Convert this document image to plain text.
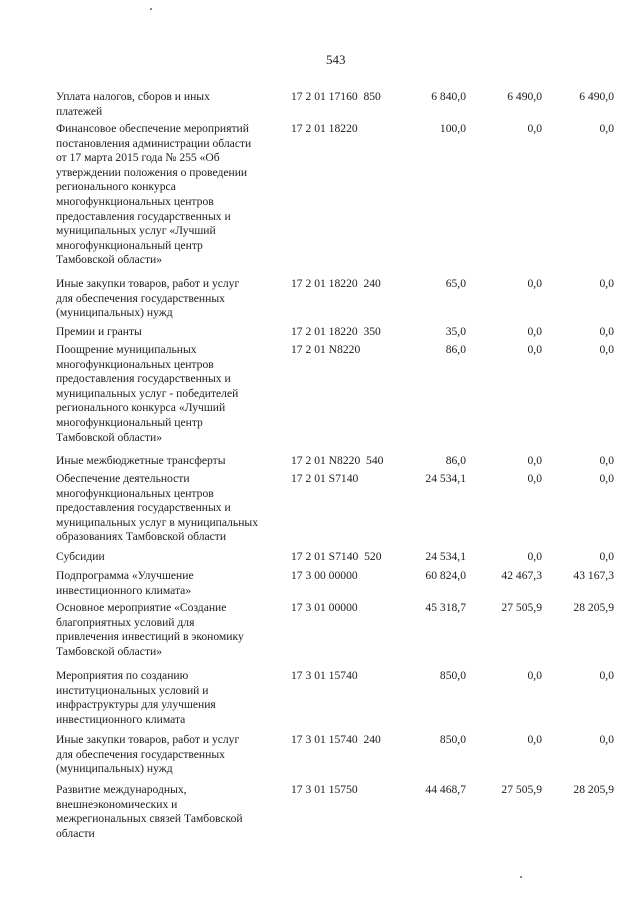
543
Уплата налогов, сборов и иных
платежей
17 2 01 17160  850	6 840,0	6 490,0	6 490,0
Финансовое обеспечение мероприятий
постановления администрации области
от 17 марта 2015 года № 255 «Об
утверждении положения о проведении
регионального конкурса
многофункциональных центров
предоставления государственных и
муниципальных услуг «Лучший
многофункциональный центр
Тамбовской области»
17 2 01 18220	100,0	0,0	0,0
Иные закупки товаров, работ и услуг
для обеспечения государственных
(муниципальных) нужд
17 2 01 18220  240	65,0	0,0	0,0
Премии и гранты	17 2 01 18220  350	35,0	0,0	0,0
Поощрение муниципальных
многофункциональных центров
предоставления государственных и
муниципальных услуг - победителей
регионального конкурса «Лучший
многофункциональный центр
Тамбовской области»
17 2 01 N8220	86,0	0,0	0,0
Иные межбюджетные трансферты	17 2 01 N8220  540	86,0	0,0	0,0
Обеспечение деятельности
многофункциональных центров
предоставления государственных и
муниципальных услуг в муниципальных
образованиях Тамбовской области
17 2 01 S7140	24 534,1	0,0	0,0
Субсидии	17 2 01 S7140  520	24 534,1	0,0	0,0
Подпрограмма «Улучшение
инвестиционного климата»
17 3 00 00000	60 824,0	42 467,3	43 167,3
Основное мероприятие «Создание
благоприятных условий для
привлечения инвестиций в экономику
Тамбовской области»
17 3 01 00000	45 318,7	27 505,9	28 205,9
Мероприятия по созданию
институциональных условий и
инфраструктуры для улучшения
инвестиционного климата
17 3 01 15740	850,0	0,0	0,0
Иные закупки товаров, работ и услуг
для обеспечения государственных
(муниципальных) нужд
17 3 01 15740  240	850,0	0,0	0,0
Развитие международных,
внешнеэкономических и
межрегиональных связей Тамбовской
области
17 3 01 15750	44 468,7	27 505,9	28 205,9
